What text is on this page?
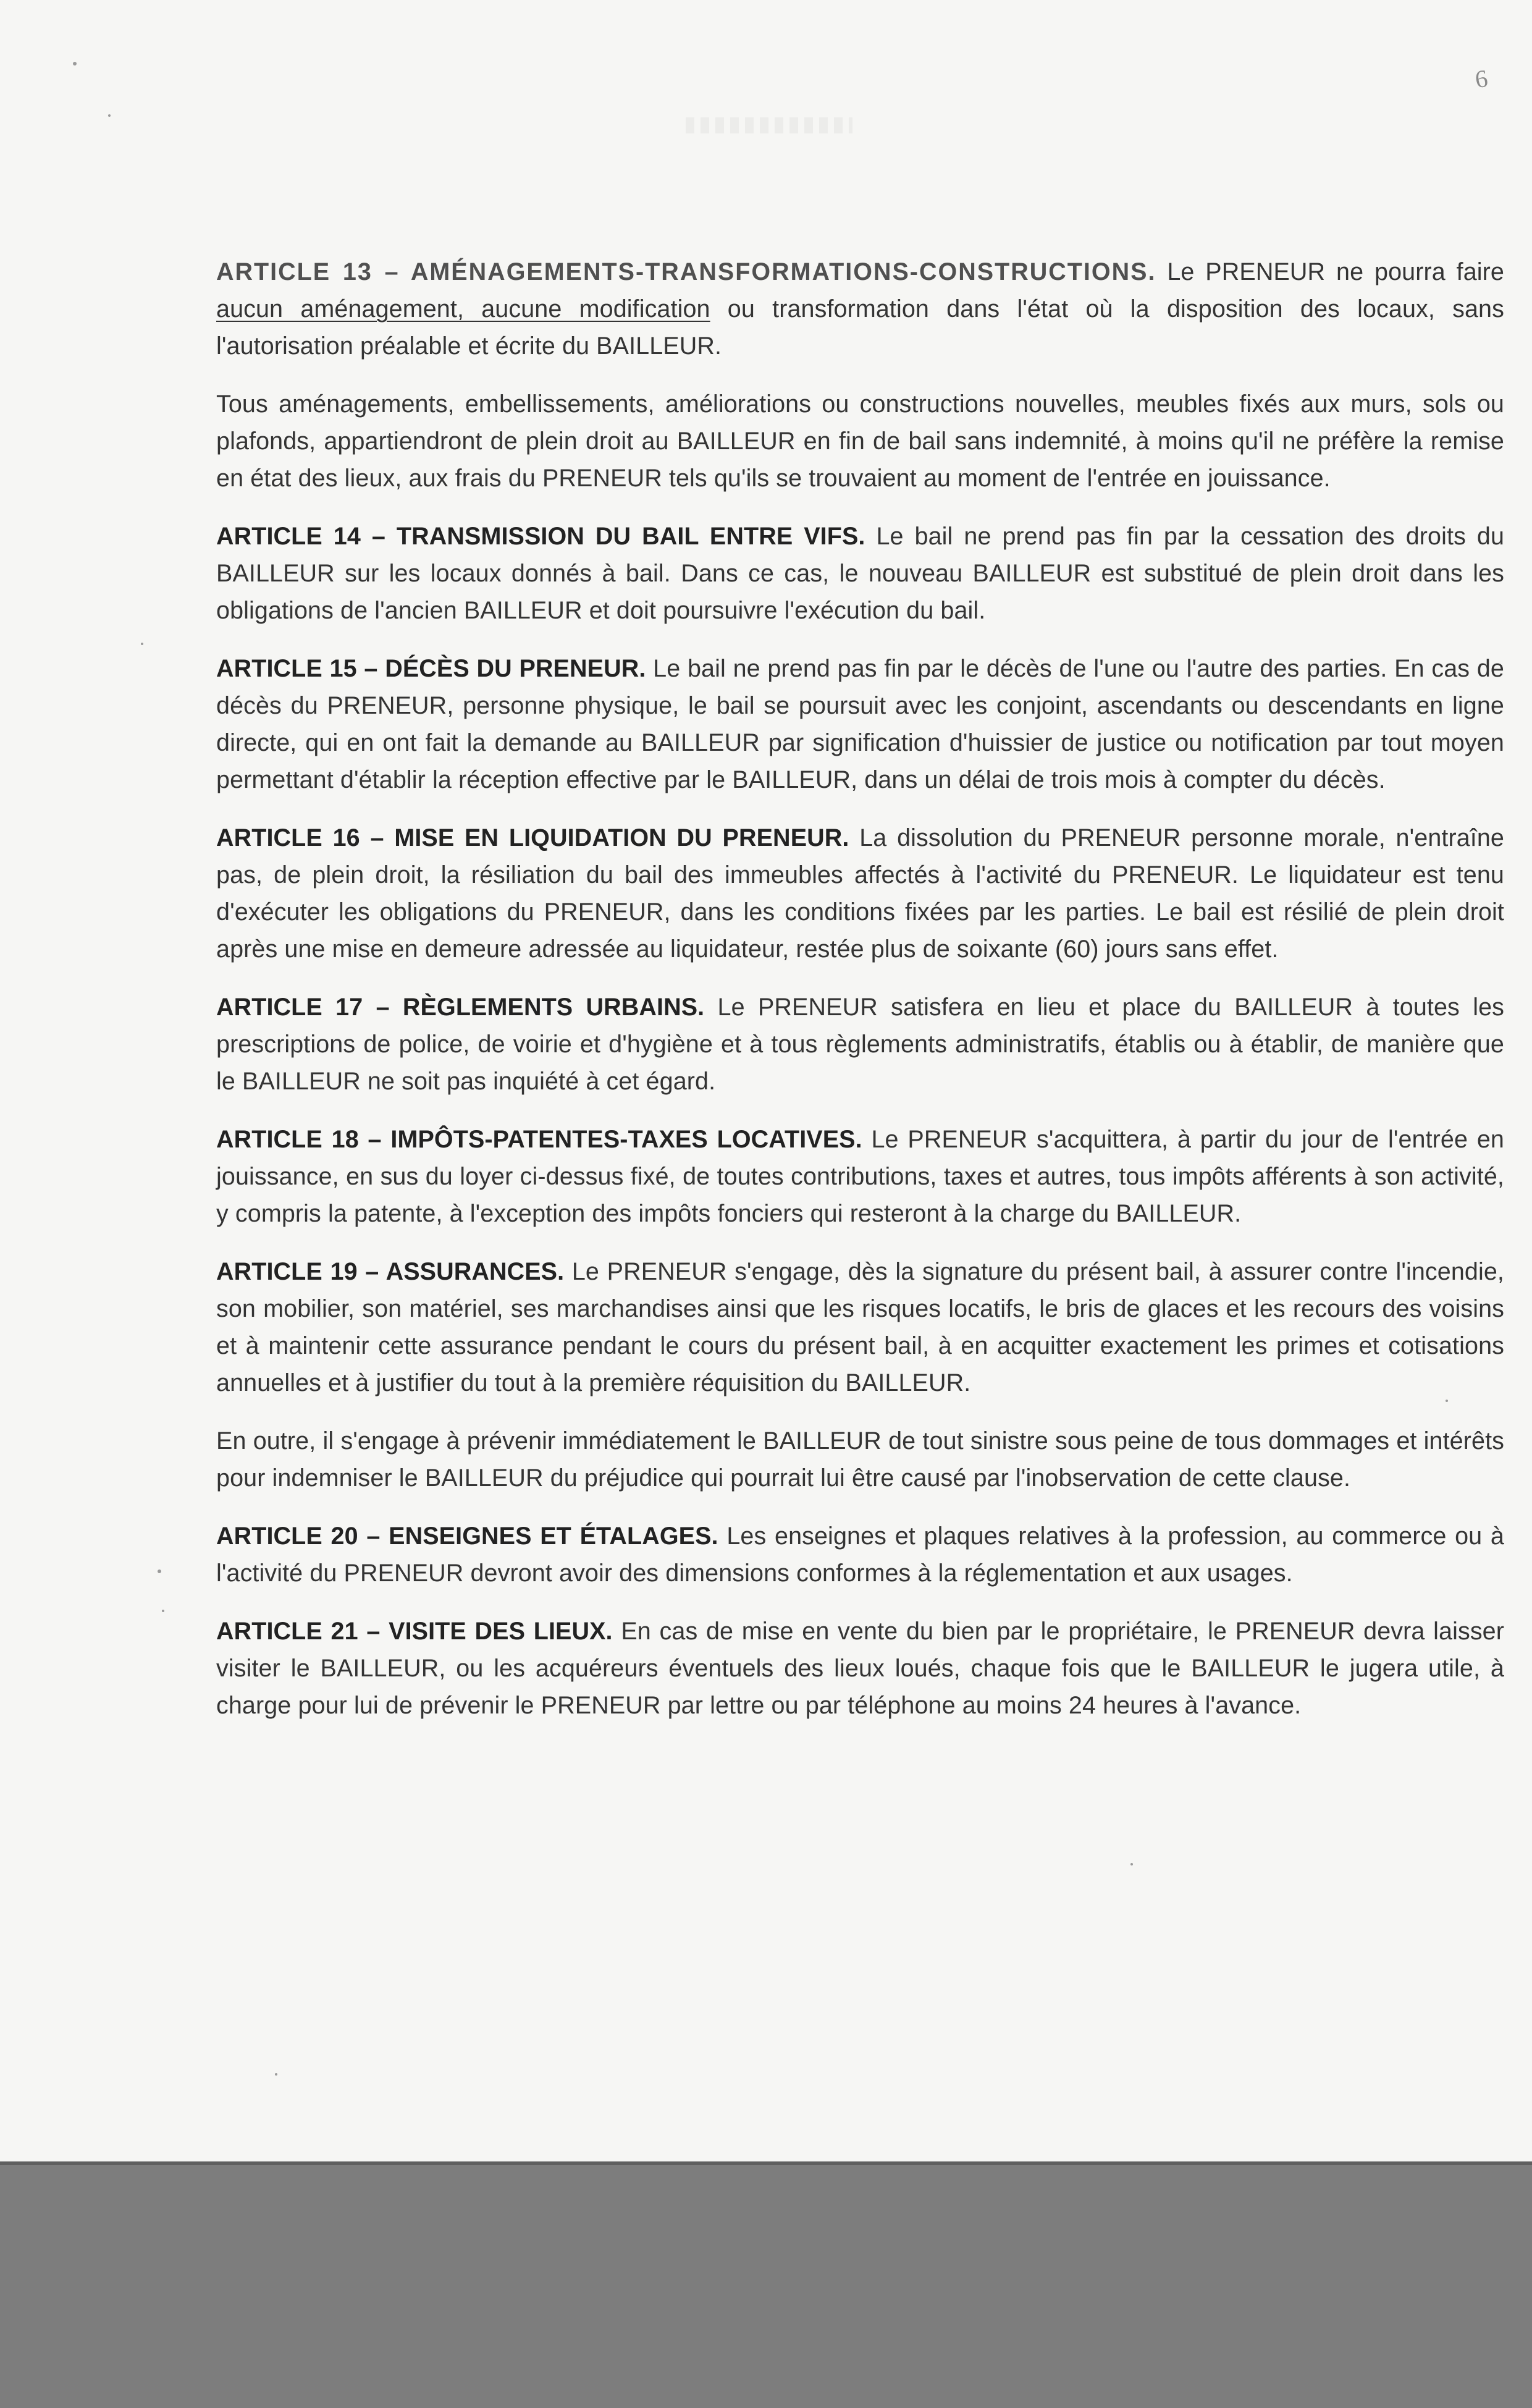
6

ARTICLE 13 – AMÉNAGEMENTS-TRANSFORMATIONS-CONSTRUCTIONS. Le PRENEUR ne pourra faire aucun aménagement, aucune modification ou transformation dans l'état où la disposition des locaux, sans l'autorisation préalable et écrite du BAILLEUR.

Tous aménagements, embellissements, améliorations ou constructions nouvelles, meubles fixés aux murs, sols ou plafonds, appartiendront de plein droit au BAILLEUR en fin de bail sans indemnité, à moins qu'il ne préfère la remise en état des lieux, aux frais du PRENEUR tels qu'ils se trouvaient au moment de l'entrée en jouissance.

ARTICLE 14 – TRANSMISSION DU BAIL ENTRE VIFS. Le bail ne prend pas fin par la cessation des droits du BAILLEUR sur les locaux donnés à bail. Dans ce cas, le nouveau BAILLEUR est substitué de plein droit dans les obligations de l'ancien BAILLEUR et doit poursuivre l'exécution du bail.

ARTICLE 15 – DÉCÈS DU PRENEUR. Le bail ne prend pas fin par le décès de l'une ou l'autre des parties. En cas de décès du PRENEUR, personne physique, le bail se poursuit avec les conjoint, ascendants ou descendants en ligne directe, qui en ont fait la demande au BAILLEUR par signification d'huissier de justice ou notification par tout moyen permettant d'établir la réception effective par le BAILLEUR, dans un délai de trois mois à compter du décès.

ARTICLE 16 – MISE EN LIQUIDATION DU PRENEUR. La dissolution du PRENEUR personne morale, n'entraîne pas, de plein droit, la résiliation du bail des immeubles affectés à l'activité du PRENEUR. Le liquidateur est tenu d'exécuter les obligations du PRENEUR, dans les conditions fixées par les parties. Le bail est résilié de plein droit après une mise en demeure adressée au liquidateur, restée plus de soixante (60) jours sans effet.

ARTICLE 17 – RÈGLEMENTS URBAINS. Le PRENEUR satisfera en lieu et place du BAILLEUR à toutes les prescriptions de police, de voirie et d'hygiène et à tous règlements administratifs, établis ou à établir, de manière que le BAILLEUR ne soit pas inquiété à cet égard.

ARTICLE 18 – IMPÔTS-PATENTES-TAXES LOCATIVES. Le PRENEUR s'acquittera, à partir du jour de l'entrée en jouissance, en sus du loyer ci-dessus fixé, de toutes contributions, taxes et autres, tous impôts afférents à son activité, y compris la patente, à l'exception des impôts fonciers qui resteront à la charge du BAILLEUR.

ARTICLE 19 – ASSURANCES. Le PRENEUR s'engage, dès la signature du présent bail, à assurer contre l'incendie, son mobilier, son matériel, ses marchandises ainsi que les risques locatifs, le bris de glaces et les recours des voisins et à maintenir cette assurance pendant le cours du présent bail, à en acquitter exactement les primes et cotisations annuelles et à justifier du tout à la première réquisition du BAILLEUR.

En outre, il s'engage à prévenir immédiatement le BAILLEUR de tout sinistre sous peine de tous dommages et intérêts pour indemniser le BAILLEUR du préjudice qui pourrait lui être causé par l'inobservation de cette clause.

ARTICLE 20 – ENSEIGNES ET ÉTALAGES. Les enseignes et plaques relatives à la profession, au commerce ou à l'activité du PRENEUR devront avoir des dimensions conformes à la réglementation et aux usages.

ARTICLE 21 – VISITE DES LIEUX. En cas de mise en vente du bien par le propriétaire, le PRENEUR devra laisser visiter le BAILLEUR, ou les acquéreurs éventuels des lieux loués, chaque fois que le BAILLEUR le jugera utile, à charge pour lui de prévenir le PRENEUR par lettre ou par téléphone au moins 24 heures à l'avance.
